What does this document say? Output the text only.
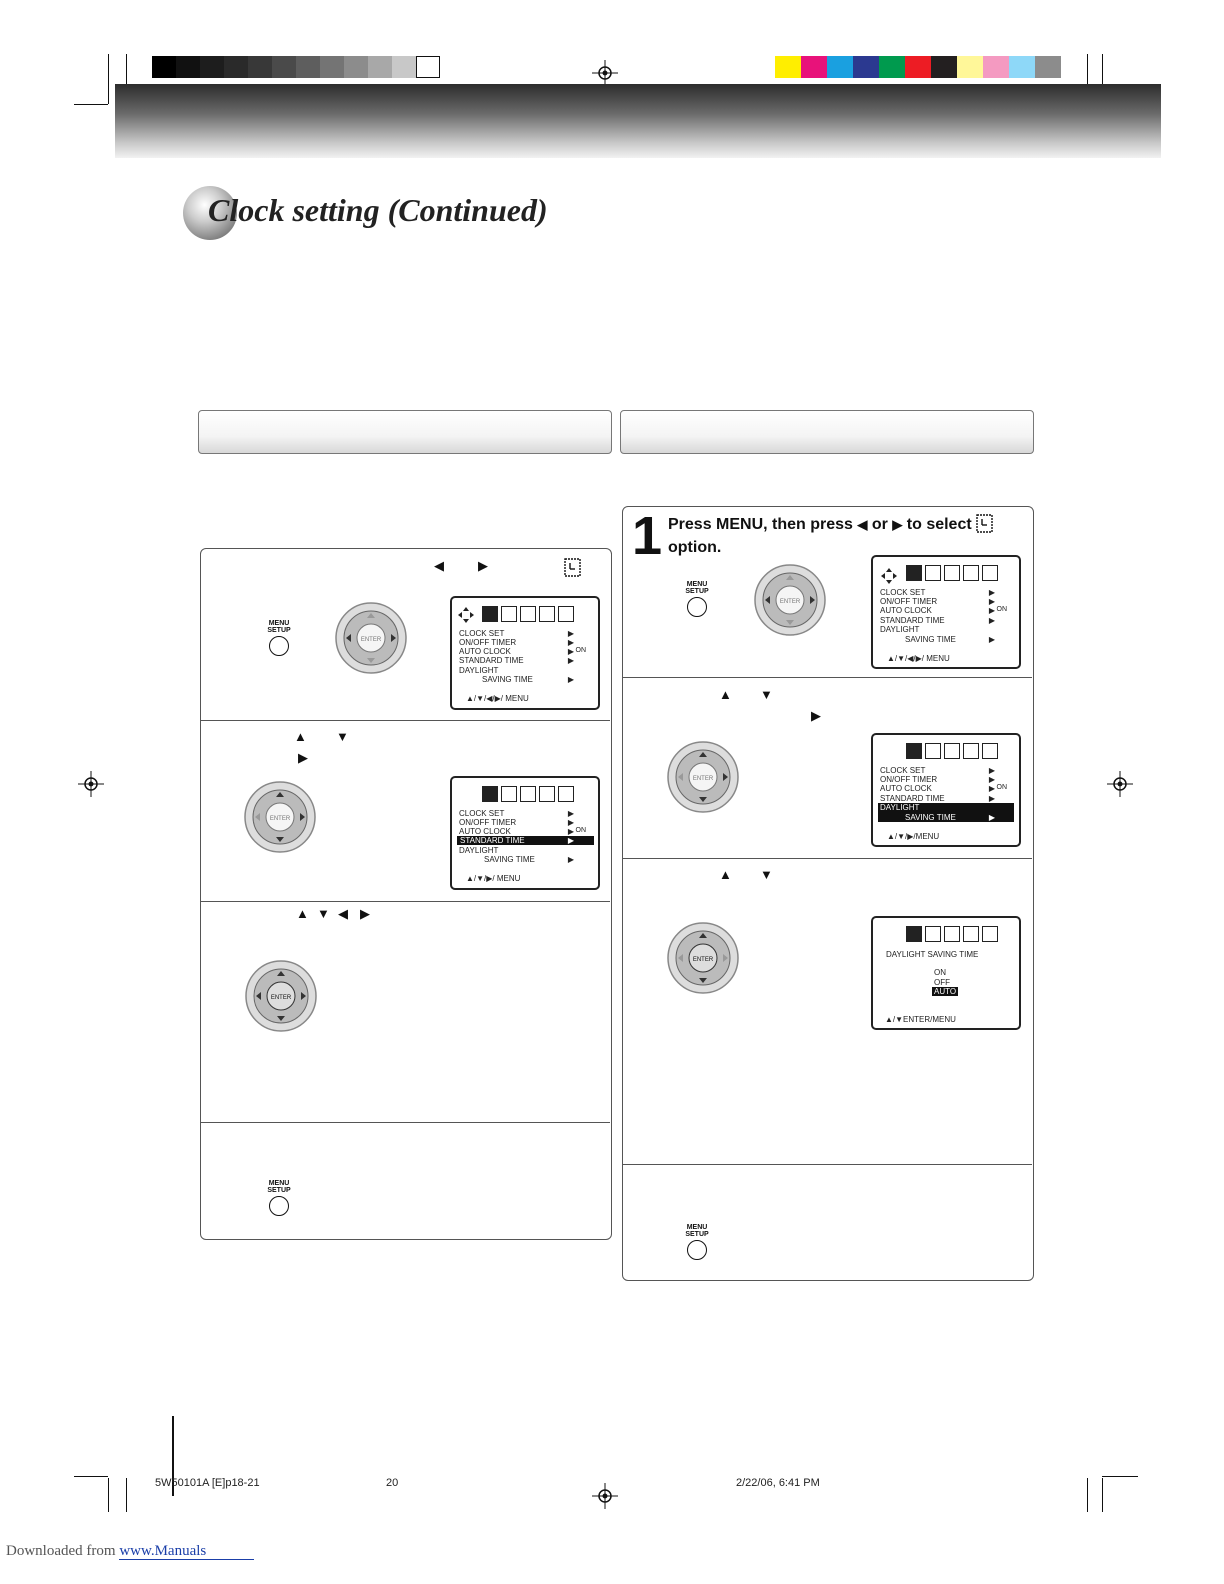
Clock setting (Continued)
◀	▶
MENU
SETUP
ENTER
CLOCK SET
ON/OFF TIMER
AUTO CLOCK
STANDARD TIME
DAYLIGHT
SAVING TIME
▶
▶
▶
▶
▶
ON
▲/▼/◀/▶/ MENU
▲ ▼
▶
ENTER
CLOCK SET
ON/OFF TIMER
AUTO CLOCK
STANDARD TIME
DAYLIGHT
SAVING TIME
▶
▶
▶
▶
▶
ON
▲/▼/▶/ MENU
▲ ▼ ◀ ▶
ENTER
MENU
SETUP
1 Press MENU, then press ◀ or ▶ to select
option.
MENU
SETUP
ENTER
CLOCK SET
ON/OFF TIMER
AUTO CLOCK
STANDARD TIME
DAYLIGHT
SAVING TIME
▶
▶
▶
▶
▶
ON
▲/▼/◀/▶/ MENU
▲ ▼
▶
ENTER
CLOCK SET
ON/OFF TIMER
AUTO CLOCK
STANDARD TIME
DAYLIGHT
SAVING TIME
▶
▶
▶
▶
▶
ON
▲/▼/▶/MENU
▲ ▼
ENTER
DAYLIGHT SAVING TIME
ON
OFF
AUTO
▲/▼ENTER/MENU
MENU
SETUP
5W50101A [E]p18-21	20	2/22/06, 6:41 PM
Downloaded from www.Manuals
